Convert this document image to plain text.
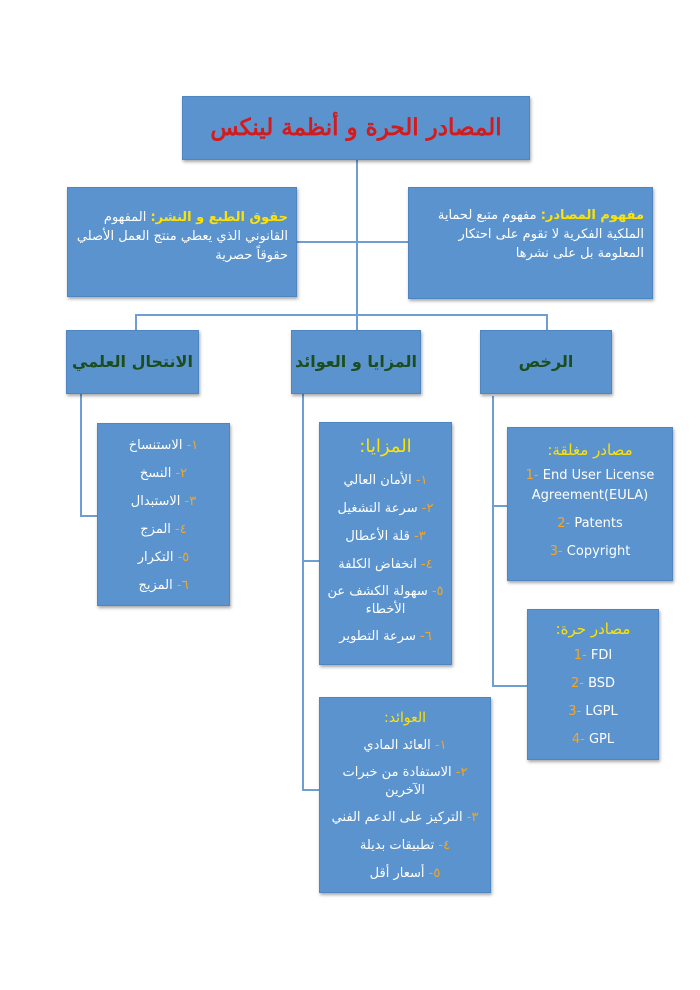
المصادر الحرة و أنظمة لينكس
مفهوم المصادر: مفهوم متبع لحماية الملكية الفكرية لا تقوم على احتكار المعلومة بل على نشرها
حقوق الطبع و النشر: المفهوم القانوني الذي يعطي منتج العمل الأصلي حقوقاً حصرية
الرخص
المزايا و العوائد
الانتحال العلمي
١- الاستنساخ
٢- النسخ
٣- الاستبدال
٤- المزج
٥- التكرار
٦- المزيج
المزايا:
١- الأمان العالي
٢- سرعة التشغيل
٣- قلة الأعطال
٤- انخفاض الكلفة
٥- سهولة الكشف عن الأخطاء
٦- سرعة التطوير
العوائد:
١- العائد المادي
٢- الاستفادة من خبرات الآخرين
٣- التركيز على الدعم الفني
٤- تطبيقات بديلة
٥- أسعار أقل
مصادر مغلقة:
1- End User License Agreement(EULA)
2- Patents
3- Copyright
مصادر حرة:
1- FDI
2- BSD
3- LGPL
4- GPL
